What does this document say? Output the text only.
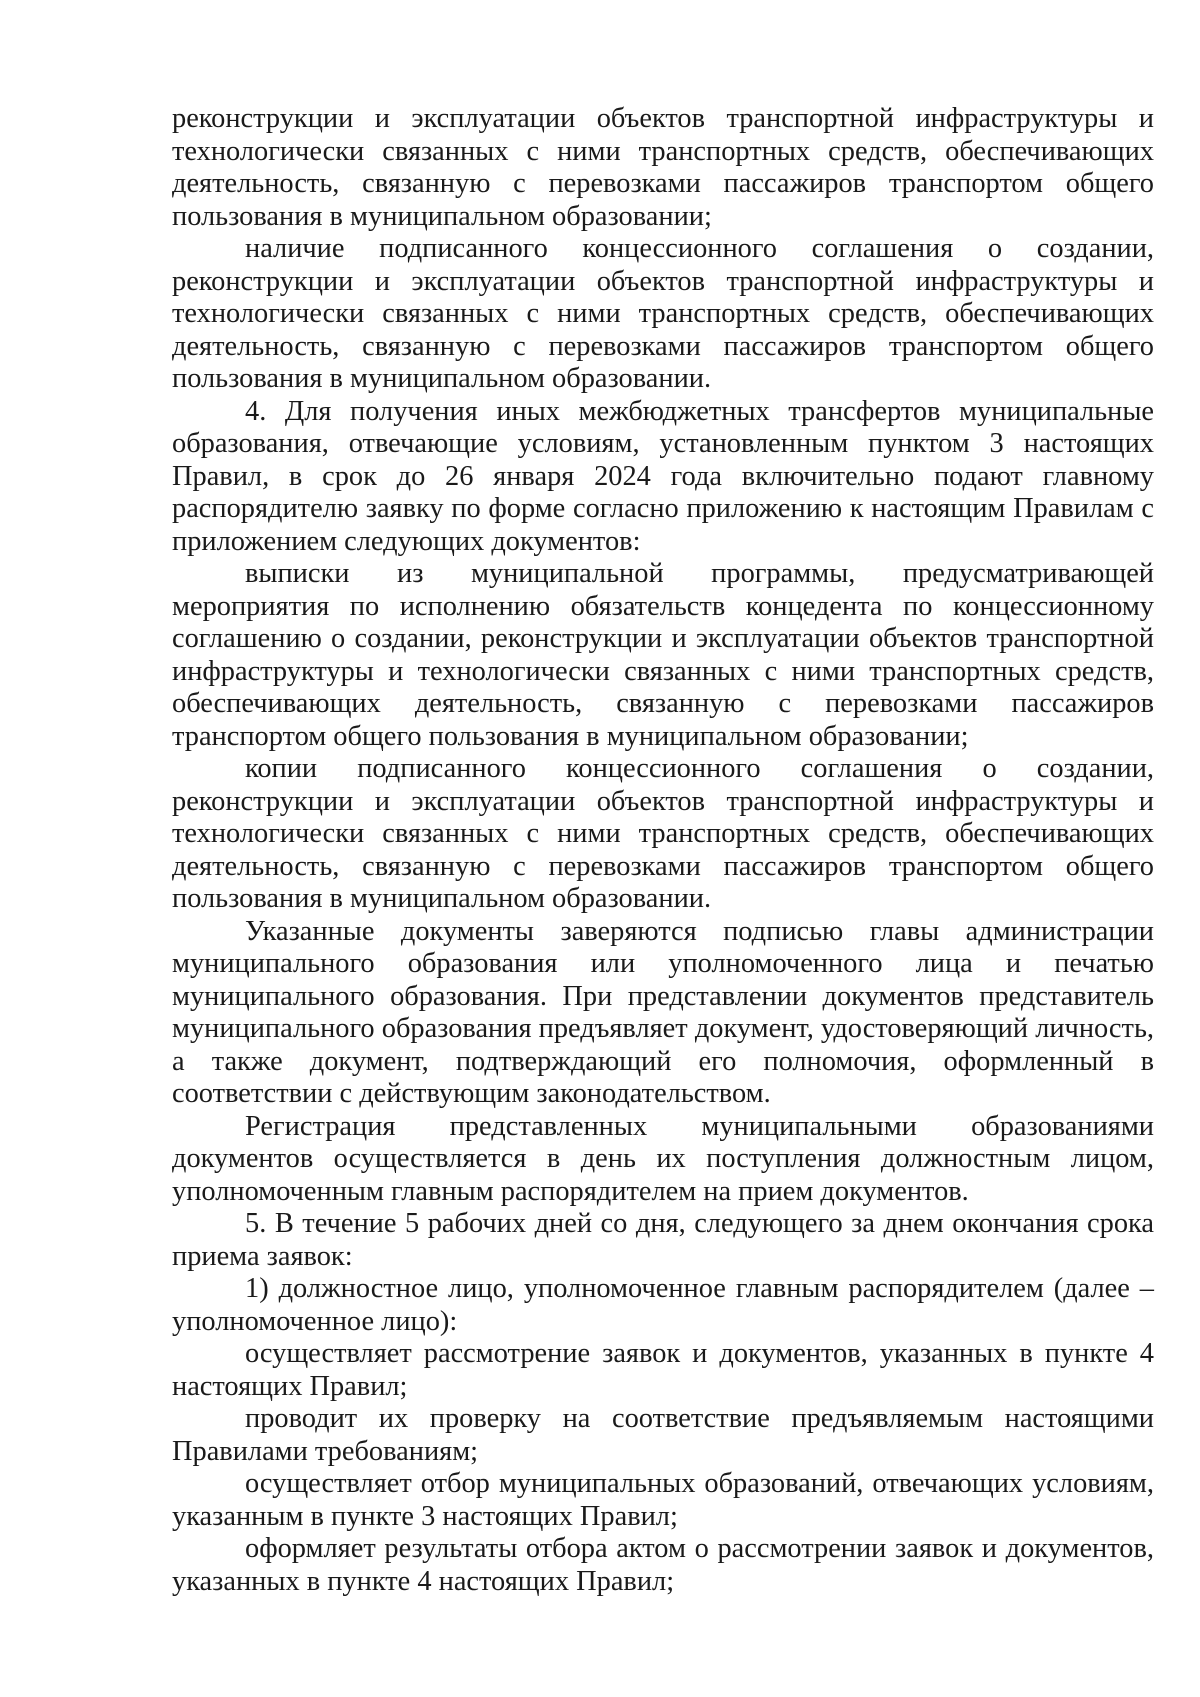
реконструкции и эксплуатации объектов транспортной инфраструктуры и технологически связанных с ними транспортных средств, обеспечивающих деятельность, связанную с перевозками пассажиров транспортом общего пользования в муниципальном образовании;

наличие подписанного концессионного соглашения о создании, реконструкции и эксплуатации объектов транспортной инфраструктуры и технологически связанных с ними транспортных средств, обеспечивающих деятельность, связанную с перевозками пассажиров транспортом общего пользования в муниципальном образовании.

4. Для получения иных межбюджетных трансфертов муниципальные образования, отвечающие условиям, установленным пунктом 3 настоящих Правил, в срок до 26 января 2024 года включительно подают главному распорядителю заявку по форме согласно приложению к настоящим Правилам с приложением следующих документов:

выписки из муниципальной программы, предусматривающей мероприятия по исполнению обязательств концедента по концессионному соглашению о создании, реконструкции и эксплуатации объектов транспортной инфраструктуры и технологически связанных с ними транспортных средств, обеспечивающих деятельность, связанную с перевозками пассажиров транспортом общего пользования в муниципальном образовании;

копии подписанного концессионного соглашения о создании, реконструкции и эксплуатации объектов транспортной инфраструктуры и технологически связанных с ними транспортных средств, обеспечивающих деятельность, связанную с перевозками пассажиров транспортом общего пользования в муниципальном образовании.

Указанные документы заверяются подписью главы администрации муниципального образования или уполномоченного лица и печатью муниципального образования. При представлении документов представитель муниципального образования предъявляет документ, удостоверяющий личность, а также документ, подтверждающий его полномочия, оформленный в соответствии с действующим законодательством.

Регистрация представленных муниципальными образованиями документов осуществляется в день их поступления должностным лицом, уполномоченным главным распорядителем на прием документов.

5. В течение 5 рабочих дней со дня, следующего за днем окончания срока приема заявок:

1) должностное лицо, уполномоченное главным распорядителем (далее – уполномоченное лицо):

осуществляет рассмотрение заявок и документов, указанных в пункте 4 настоящих Правил;

проводит их проверку на соответствие предъявляемым настоящими Правилами требованиям;

осуществляет отбор муниципальных образований, отвечающих условиям, указанным в пункте 3 настоящих Правил;

оформляет результаты отбора актом о рассмотрении заявок и документов, указанных в пункте 4 настоящих Правил;
